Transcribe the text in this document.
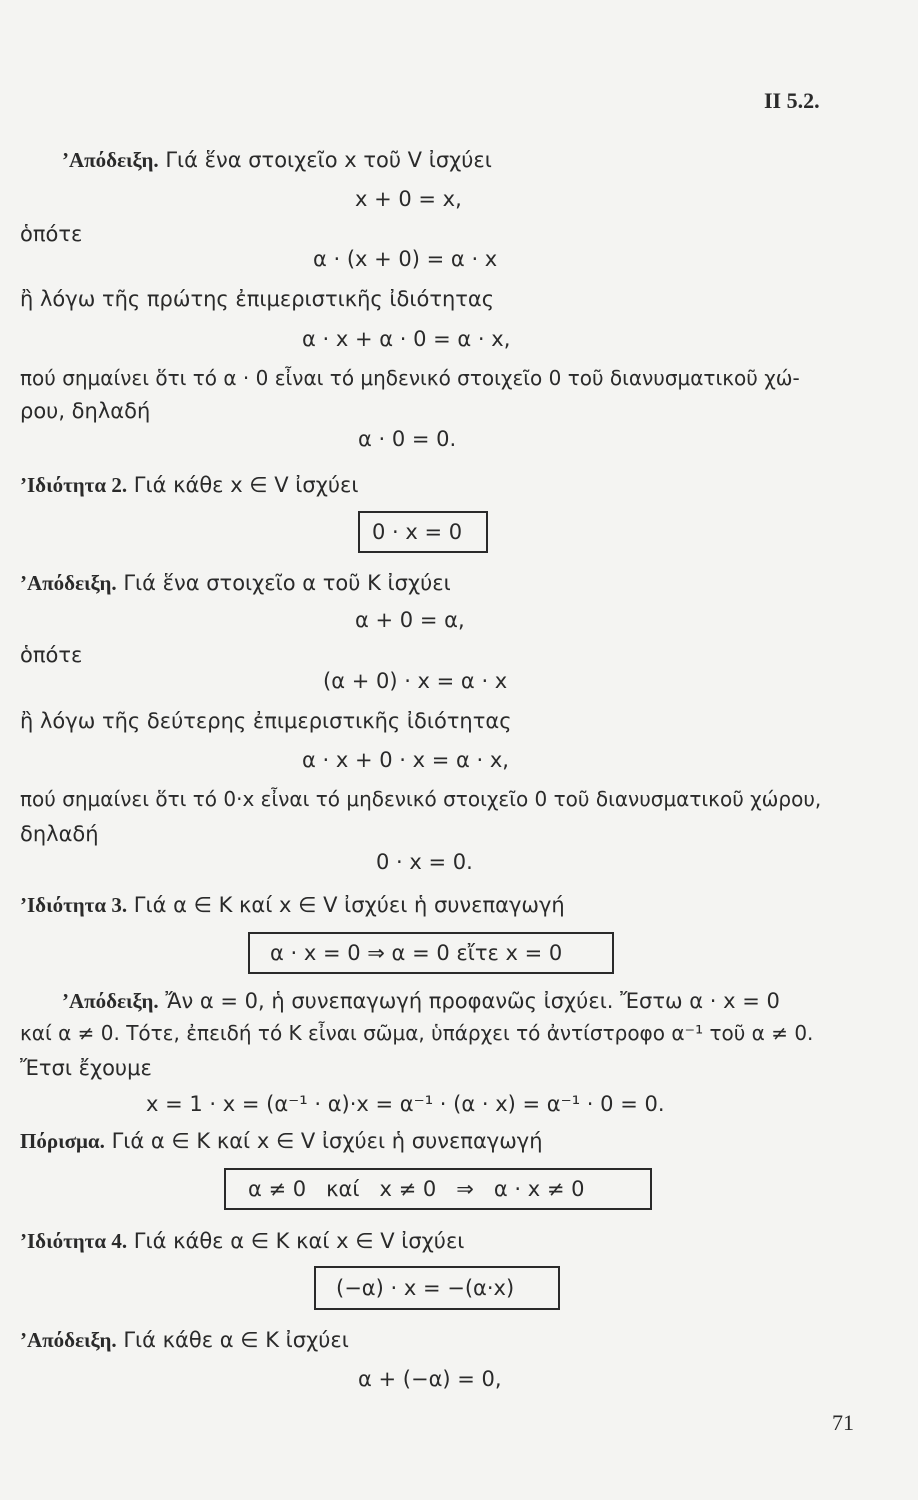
II 5.2.
’Απόδειξη. Γιά ἕνα στοιχεῖο x τοῦ V ἰσχύει
x + 0 = x,
ὁπότε
α · (x + 0) = α · x
ἢ λόγω τῆς πρώτης ἐπιμεριστικῆς ἰδιότητας
α · x + α · 0 = α · x,
πού σημαίνει ὅτι τό α · 0 εἶναι τό μηδενικό στοιχεῖο 0 τοῦ διανυσματικοῦ χώ-
ρου, δηλαδή
α · 0 = 0.
’Ιδιότητα 2. Γιά κάθε x ∈ V ἰσχύει
0 · x = 0
’Απόδειξη. Γιά ἕνα στοιχεῖο α τοῦ K ἰσχύει
α + 0 = α,
ὁπότε
(α + 0) · x = α · x
ἢ λόγω τῆς δεύτερης ἐπιμεριστικῆς ἰδιότητας
α · x + 0 · x = α · x,
πού σημαίνει ὅτι τό 0·x εἶναι τό μηδενικό στοιχεῖο 0 τοῦ διανυσματικοῦ χώρου,
δηλαδή
0 · x = 0.
’Ιδιότητα 3. Γιά α ∈ K καί x ∈ V ἰσχύει ἡ συνεπαγωγή
α · x = 0 ⇒ α = 0 εἴτε x = 0
’Απόδειξη. Ἄν α = 0, ἡ συνεπαγωγή προφανῶς ἰσχύει. Ἔστω α · x = 0
καί α ≠ 0. Τότε, ἐπειδή τό K εἶναι σῶμα, ὑπάρχει τό ἀντίστροφο α⁻¹ τοῦ α ≠ 0.
Ἔτσι ἔχουμε
x = 1 · x = (α⁻¹ · α)·x = α⁻¹ · (α · x) = α⁻¹ · 0 = 0.
Πόρισμα. Γιά α ∈ K καί x ∈ V ἰσχύει ἡ συνεπαγωγή
α ≠ 0   καί   x ≠ 0   ⇒   α · x ≠ 0
’Ιδιότητα 4. Γιά κάθε α ∈ K καί x ∈ V ἰσχύει
(−α) · x = −(α·x)
’Απόδειξη. Γιά κάθε α ∈ K ἰσχύει
α + (−α) = 0,
71
